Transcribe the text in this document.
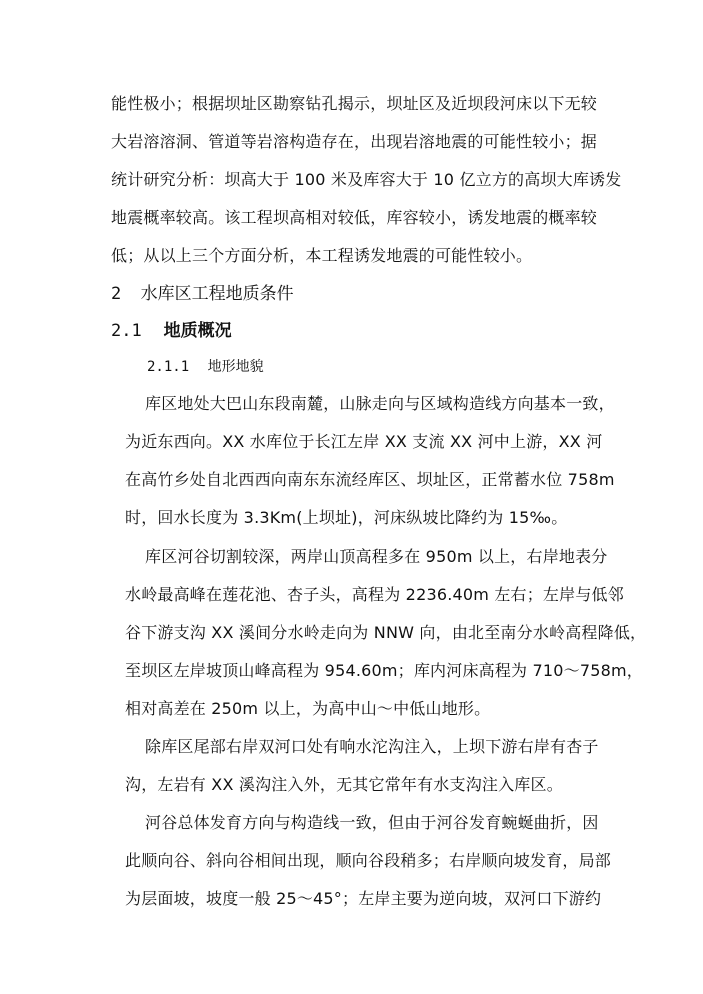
能性极小；根据坝址区勘察钻孔揭示，坝址区及近坝段河床以下无较
大岩溶溶洞、管道等岩溶构造存在，出现岩溶地震的可能性较小；据
统计研究分析：坝高大于 100 米及库容大于 10 亿立方的高坝大库诱发
地震概率较高。该工程坝高相对较低，库容较小，诱发地震的概率较
低；从以上三个方面分析，本工程诱发地震的可能性较小。
2 水库区工程地质条件
2.1 地质概况
2.1.1 地形地貌
库区地处大巴山东段南麓，山脉走向与区域构造线方向基本一致，
为近东西向。XX 水库位于长江左岸 XX 支流 XX 河中上游，XX 河
在高竹乡处自北西西向南东东流经库区、坝址区，正常蓄水位 758m
时，回水长度为 3.3Km(上坝址)，河床纵坡比降约为 15‰。
库区河谷切割较深，两岸山顶高程多在 950m 以上，右岸地表分
水岭最高峰在莲花池、杏子头，高程为 2236.40m 左右；左岸与低邻
谷下游支沟 XX 溪间分水岭走向为 NNW 向，由北至南分水岭高程降低，
至坝区左岸坡顶山峰高程为 954.60m；库内河床高程为 710～758m，
相对高差在 250m 以上，为高中山～中低山地形。
除库区尾部右岸双河口处有响水沱沟注入，上坝下游右岸有杏子
沟，左岩有 XX 溪沟注入外，无其它常年有水支沟注入库区。
河谷总体发育方向与构造线一致，但由于河谷发育蜿蜒曲折，因
此顺向谷、斜向谷相间出现，顺向谷段稍多；右岸顺向坡发育，局部
为层面坡，坡度一般 25～45°；左岸主要为逆向坡，双河口下游约
